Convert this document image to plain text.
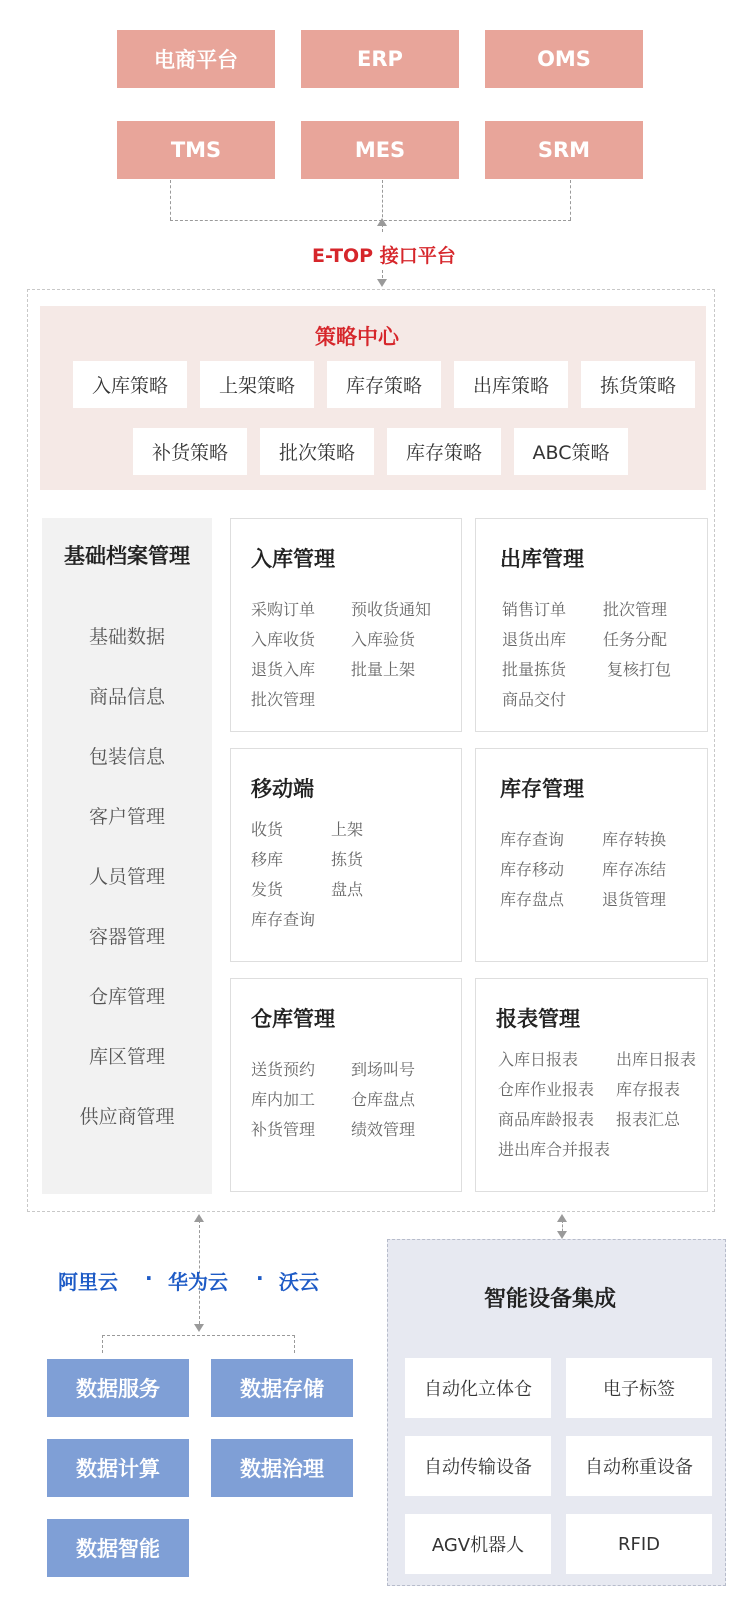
电商平台	ERP	OMS
TMS	MES	SRM
E-TOP 接口平台
策略中心
入库策略	上架策略	库存策略	出库策略	拣货策略
补货策略	批次策略	库存策略	ABC策略
基础档案管理
基础数据
商品信息
包装信息
客户管理
人员管理
容器管理
仓库管理
库区管理
供应商管理
入库管理
采购订单 预收货通知
入库收货 入库验货
退货入库 批量上架
批次管理
出库管理
销售订单 批次管理
退货出库 任务分配
批量拣货	复核打包
商品交付
移动端
收货	上架
移库	拣货
发货	盘点
库存查询
库存管理
库存查询 库存转换
库存移动 库存冻结
库存盘点 退货管理
仓库管理
送货预约 到场叫号
库内加工 仓库盘点
补货管理 绩效管理
报表管理
入库日报表 出库日报表
仓库作业报表 库存报表
商品库龄报表 报表汇总
进出库合并报表
阿里云 · 华为云 · 沃云
数据服务	数据存储
数据计算	数据治理
数据智能
智能设备集成
自动化立体仓	电子标签
自动传输设备	自动称重设备
AGV机器人	RFID
